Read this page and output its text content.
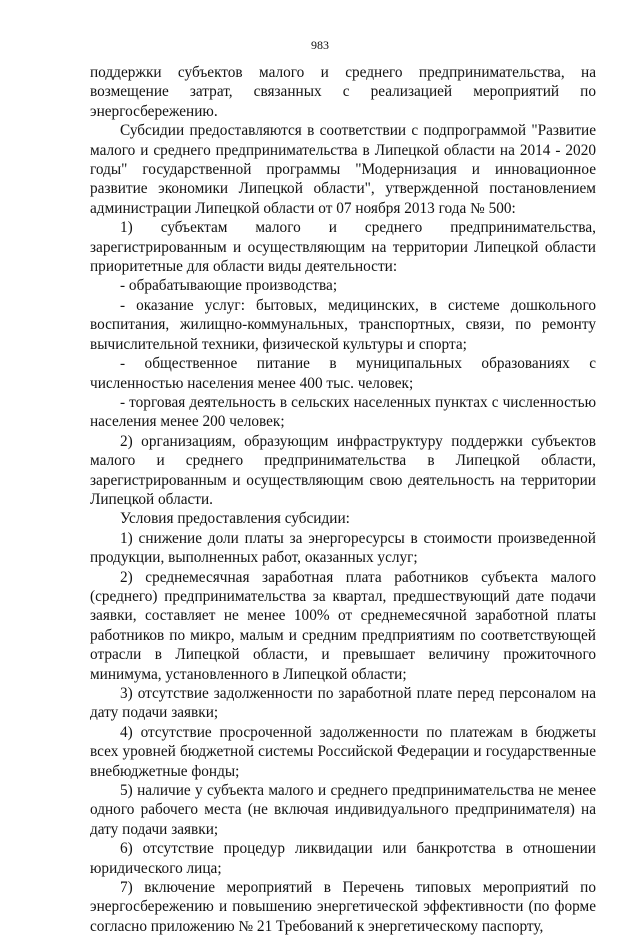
983

поддержки субъектов малого и среднего предпринимательства, на возмещение затрат, связанных с реализацией мероприятий по энергосбережению.

Субсидии предоставляются в соответствии с подпрограммой "Развитие малого и среднего предпринимательства в Липецкой области на 2014 - 2020 годы" государственной программы "Модернизация и инновационное развитие экономики Липецкой области", утвержденной постановлением администрации Липецкой области от 07 ноября 2013 года № 500:

1) субъектам малого и среднего предпринимательства, зарегистрированным и осуществляющим на территории Липецкой области приоритетные для области виды деятельности:

- обрабатывающие производства;

- оказание услуг: бытовых, медицинских, в системе дошкольного воспитания, жилищно-коммунальных, транспортных, связи, по ремонту вычислительной техники, физической культуры и спорта;

- общественное питание в муниципальных образованиях с численностью населения менее 400 тыс. человек;

- торговая деятельность в сельских населенных пунктах с численностью населения менее 200 человек;

2) организациям, образующим инфраструктуру поддержки субъектов малого и среднего предпринимательства в Липецкой области, зарегистрированным и осуществляющим свою деятельность на территории Липецкой области.

Условия предоставления субсидии:

1) снижение доли платы за энергоресурсы в стоимости произведенной продукции, выполненных работ, оказанных услуг;

2) среднемесячная заработная плата работников субъекта малого (среднего) предпринимательства за квартал, предшествующий дате подачи заявки, составляет не менее 100% от среднемесячной заработной платы работников по микро, малым и средним предприятиям по соответствующей отрасли в Липецкой области, и превышает величину прожиточного минимума, установленного в Липецкой области;

3) отсутствие задолженности по заработной плате перед персоналом на дату подачи заявки;

4) отсутствие просроченной задолженности по платежам в бюджеты всех уровней бюджетной системы Российской Федерации и государственные внебюджетные фонды;

5) наличие у субъекта малого и среднего предпринимательства не менее одного рабочего места (не включая индивидуального предпринимателя) на дату подачи заявки;

6) отсутствие процедур ликвидации или банкротства в отношении юридического лица;

7) включение мероприятий в Перечень типовых мероприятий по энергосбережению и повышению энергетической эффективности (по форме согласно приложению № 21 Требований к энергетическому паспорту,
